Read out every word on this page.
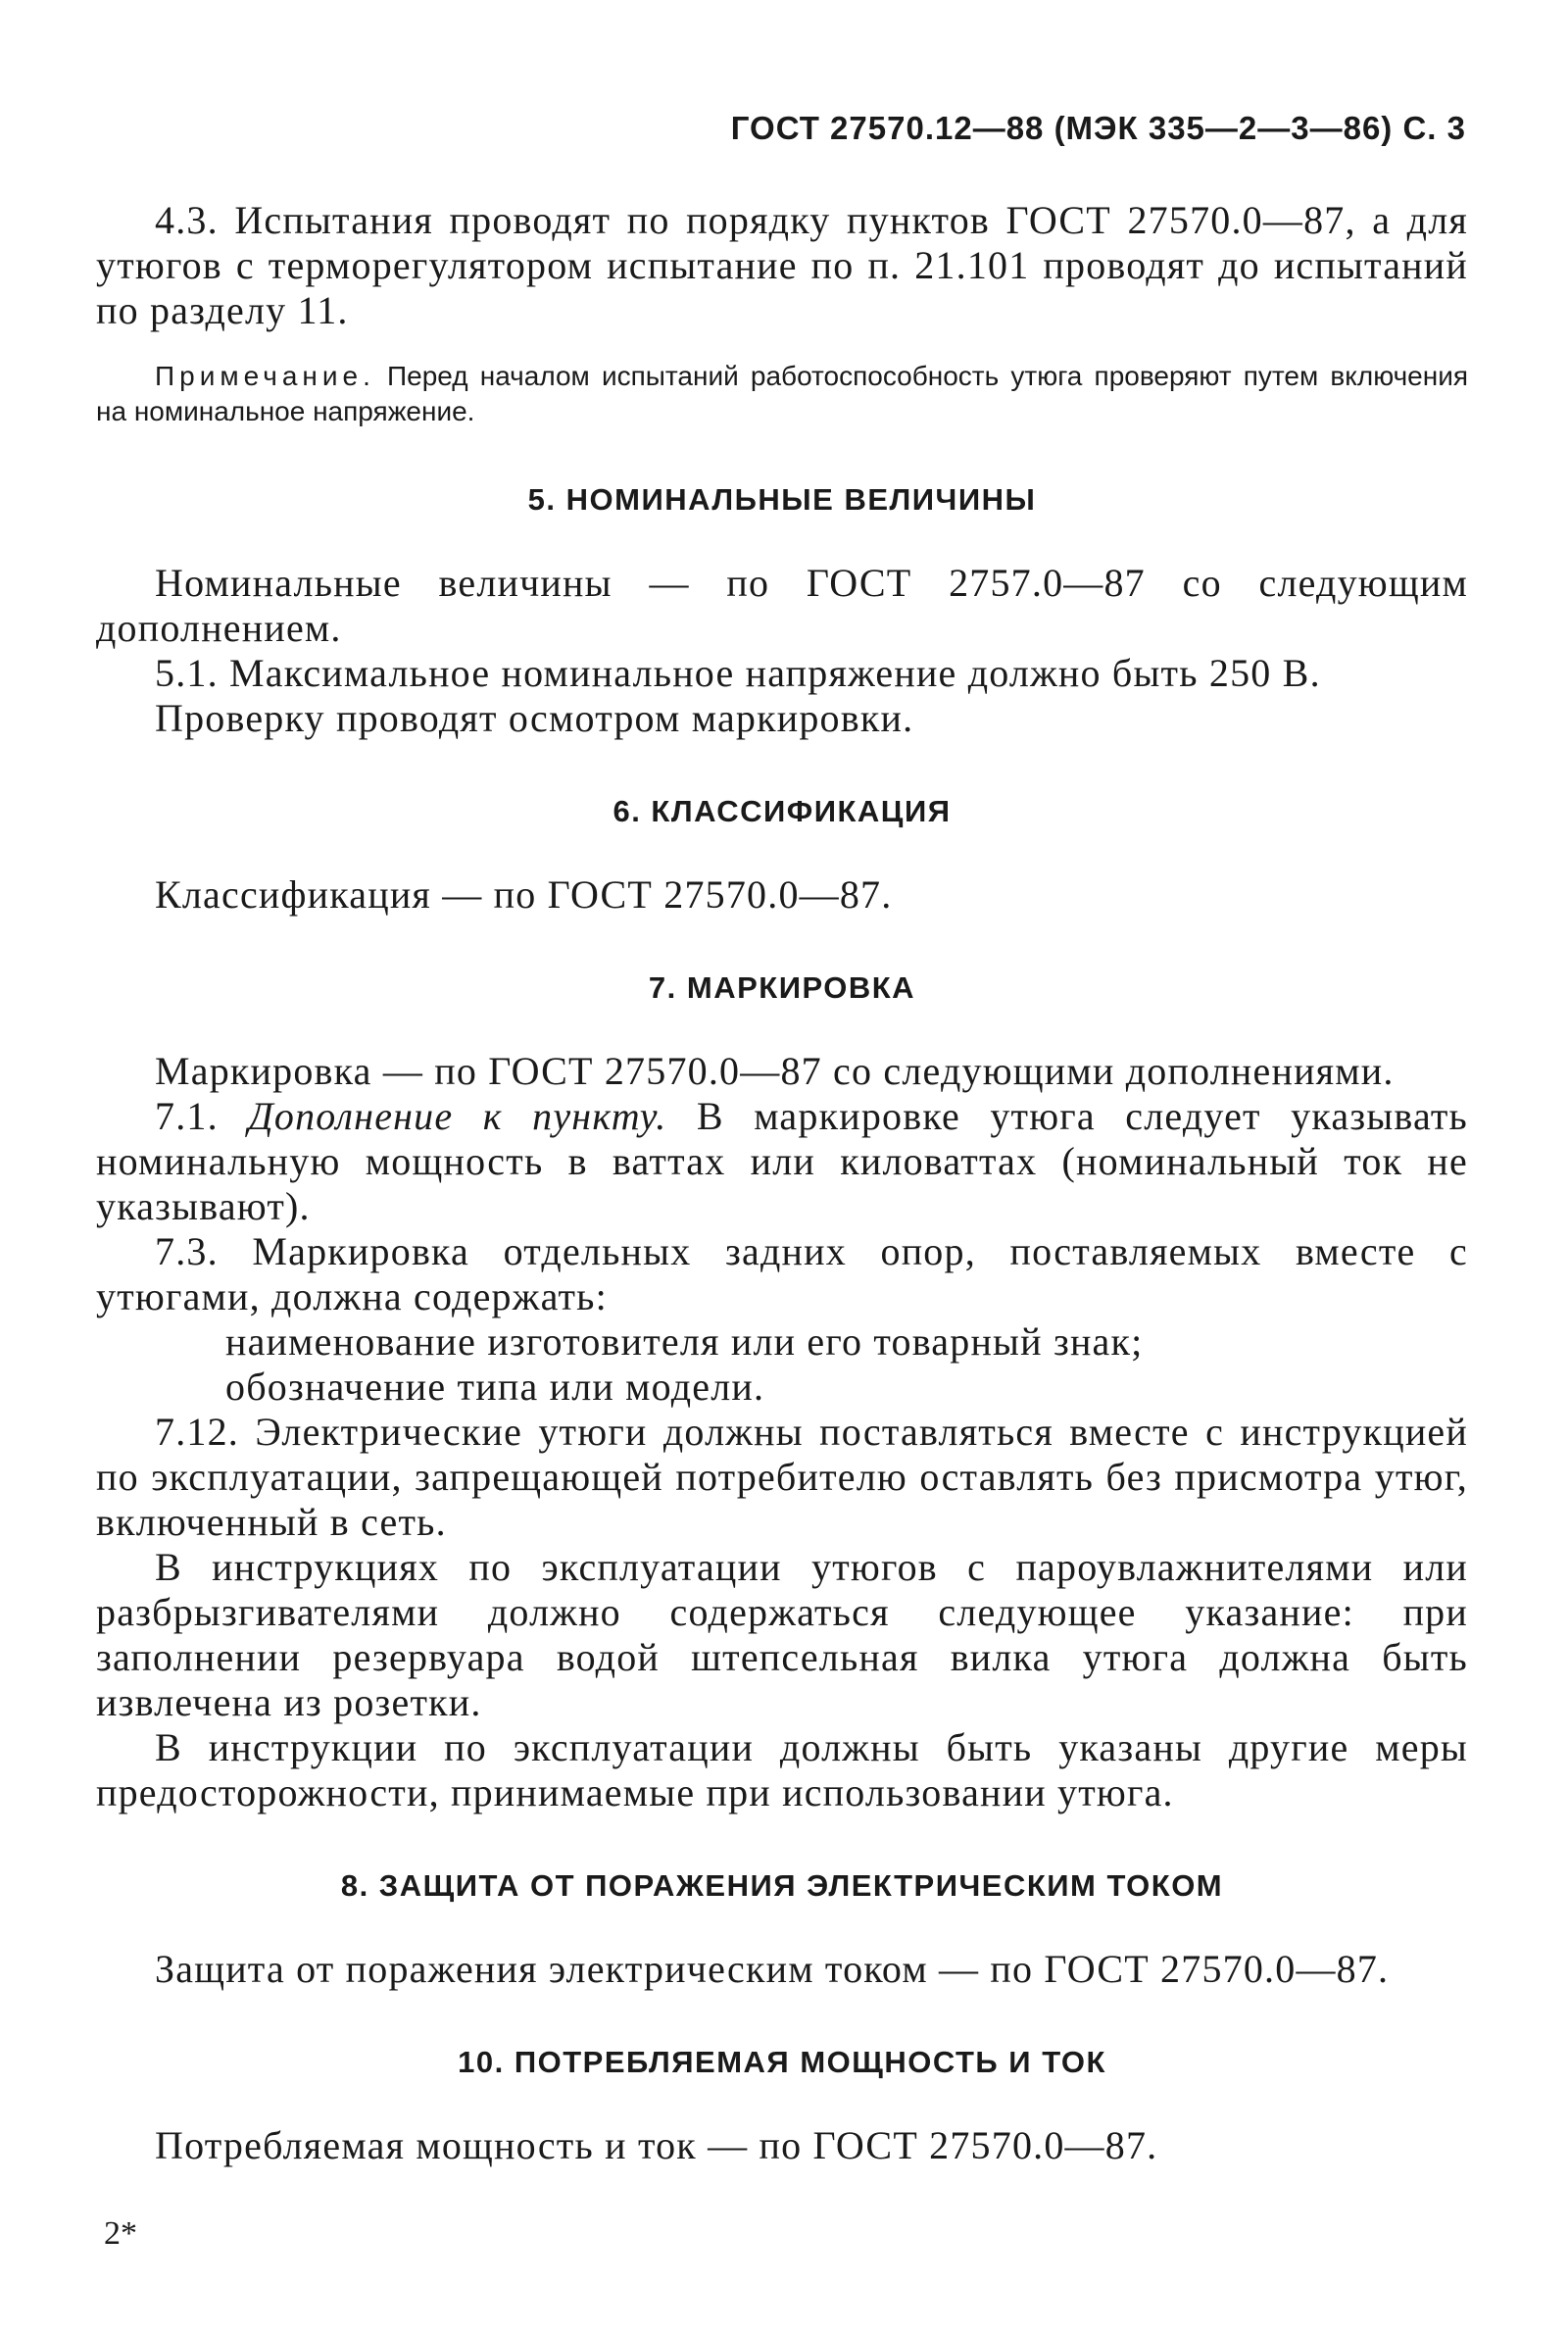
ГОСТ 27570.12—88 (МЭК 335—2—3—86) С. 3

4.3. Испытания проводят по порядку пунктов ГОСТ 27570.0—87, а для утюгов с терморегулятором испытание по п. 21.101 проводят до испытаний по разделу 11.

Примечание. Перед началом испытаний работоспособность утюга проверяют путем включения на номинальное напряжение.

5. НОМИНАЛЬНЫЕ ВЕЛИЧИНЫ

Номинальные величины — по ГОСТ 2757.0—87 со следующим дополнением.

5.1. Максимальное номинальное напряжение должно быть 250 В.

Проверку проводят осмотром маркировки.

6. КЛАССИФИКАЦИЯ

Классификация — по ГОСТ 27570.0—87.

7. МАРКИРОВКА

Маркировка — по ГОСТ 27570.0—87 со следующими дополнениями.

7.1. Дополнение к пункту. В маркировке утюга следует указывать номинальную мощность в ваттах или киловаттах (номинальный ток не указывают).

7.3. Маркировка отдельных задних опор, поставляемых вместе с утюгами, должна содержать:

наименование изготовителя или его товарный знак;

обозначение типа или модели.

7.12. Электрические утюги должны поставляться вместе с инструкцией по эксплуатации, запрещающей потребителю оставлять без присмотра утюг, включенный в сеть.

В инструкциях по эксплуатации утюгов с пароувлажнителями или разбрызгивателями должно содержаться следующее указание: при заполнении резервуара водой штепсельная вилка утюга должна быть извлечена из розетки.

В инструкции по эксплуатации должны быть указаны другие меры предосторожности, принимаемые при использовании утюга.

8. ЗАЩИТА ОТ ПОРАЖЕНИЯ ЭЛЕКТРИЧЕСКИМ ТОКОМ

Защита от поражения электрическим током — по ГОСТ 27570.0—87.

10. ПОТРЕБЛЯЕМАЯ МОЩНОСТЬ И ТОК

Потребляемая мощность и ток — по ГОСТ 27570.0—87.

2*
